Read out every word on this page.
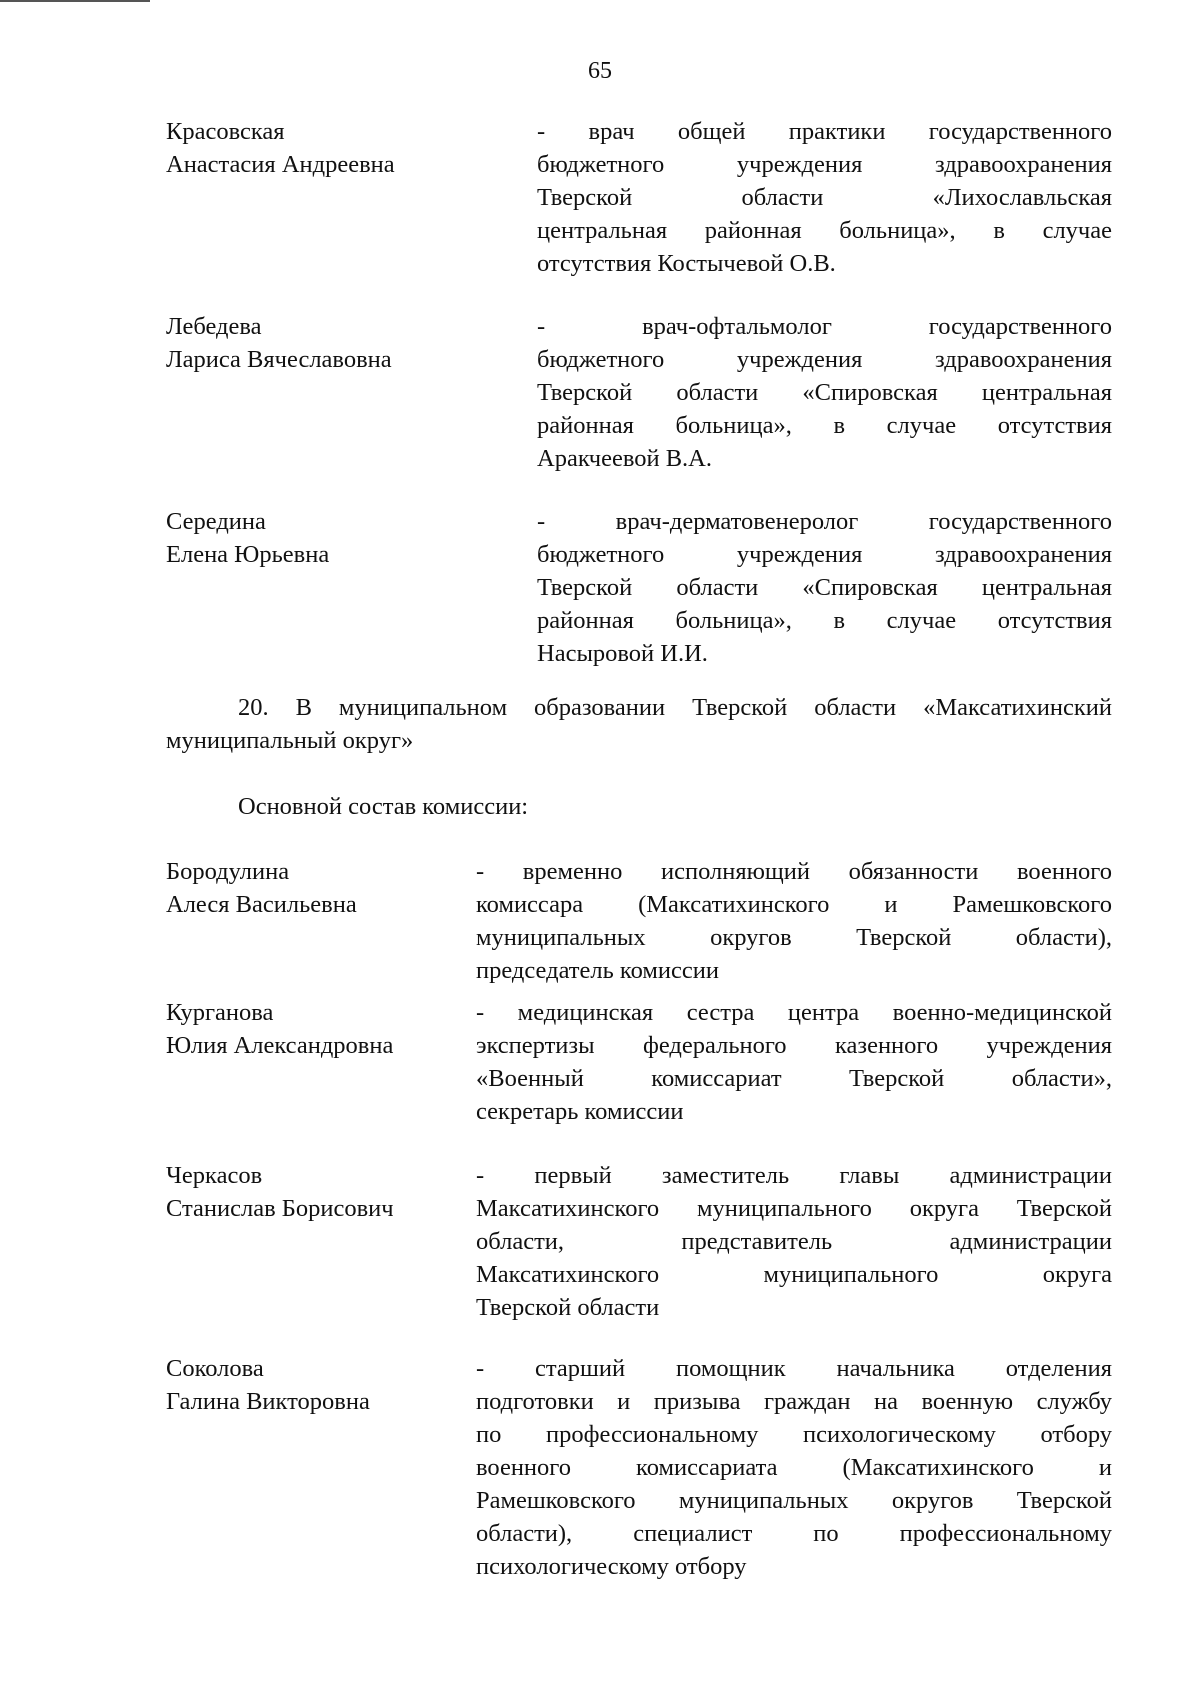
65
Красовская
Анастасия Андреевна
- врач общей практики государственного
бюджетного учреждения здравоохранения
Тверской области «Лихославльская
центральная районная больница», в случае
отсутствия Костычевой О.В.
Лебедева
Лариса Вячеславовна
- врач-офтальмолог государственного
бюджетного учреждения здравоохранения
Тверской области «Спировская центральная
районная больница», в случае отсутствия
Аракчеевой В.А.
Середина
Елена Юрьевна
- врач-дерматовенеролог государственного
бюджетного учреждения здравоохранения
Тверской области «Спировская центральная
районная больница», в случае отсутствия
Насыровой И.И.
20. В муниципальном образовании Тверской области «Максатихинский
муниципальный округ»
Основной состав комиссии:
Бородулина
Алеся Васильевна
- временно исполняющий обязанности военного
комиссара (Максатихинского и Рамешковского
муниципальных округов Тверской области),
председатель комиссии
Курганова
Юлия Александровна
- медицинская сестра центра военно-медицинской
экспертизы федерального казенного учреждения
«Военный комиссариат Тверской области»,
секретарь комиссии
Черкасов
Станислав Борисович
- первый заместитель главы администрации
Максатихинского муниципального округа Тверской
области, представитель администрации
Максатихинского муниципального округа
Тверской области
Соколова
Галина Викторовна
- старший помощник начальника отделения
подготовки и призыва граждан на военную службу
по профессиональному психологическому отбору
военного комиссариата (Максатихинского и
Рамешковского муниципальных округов Тверской
области), специалист по профессиональному
психологическому отбору
